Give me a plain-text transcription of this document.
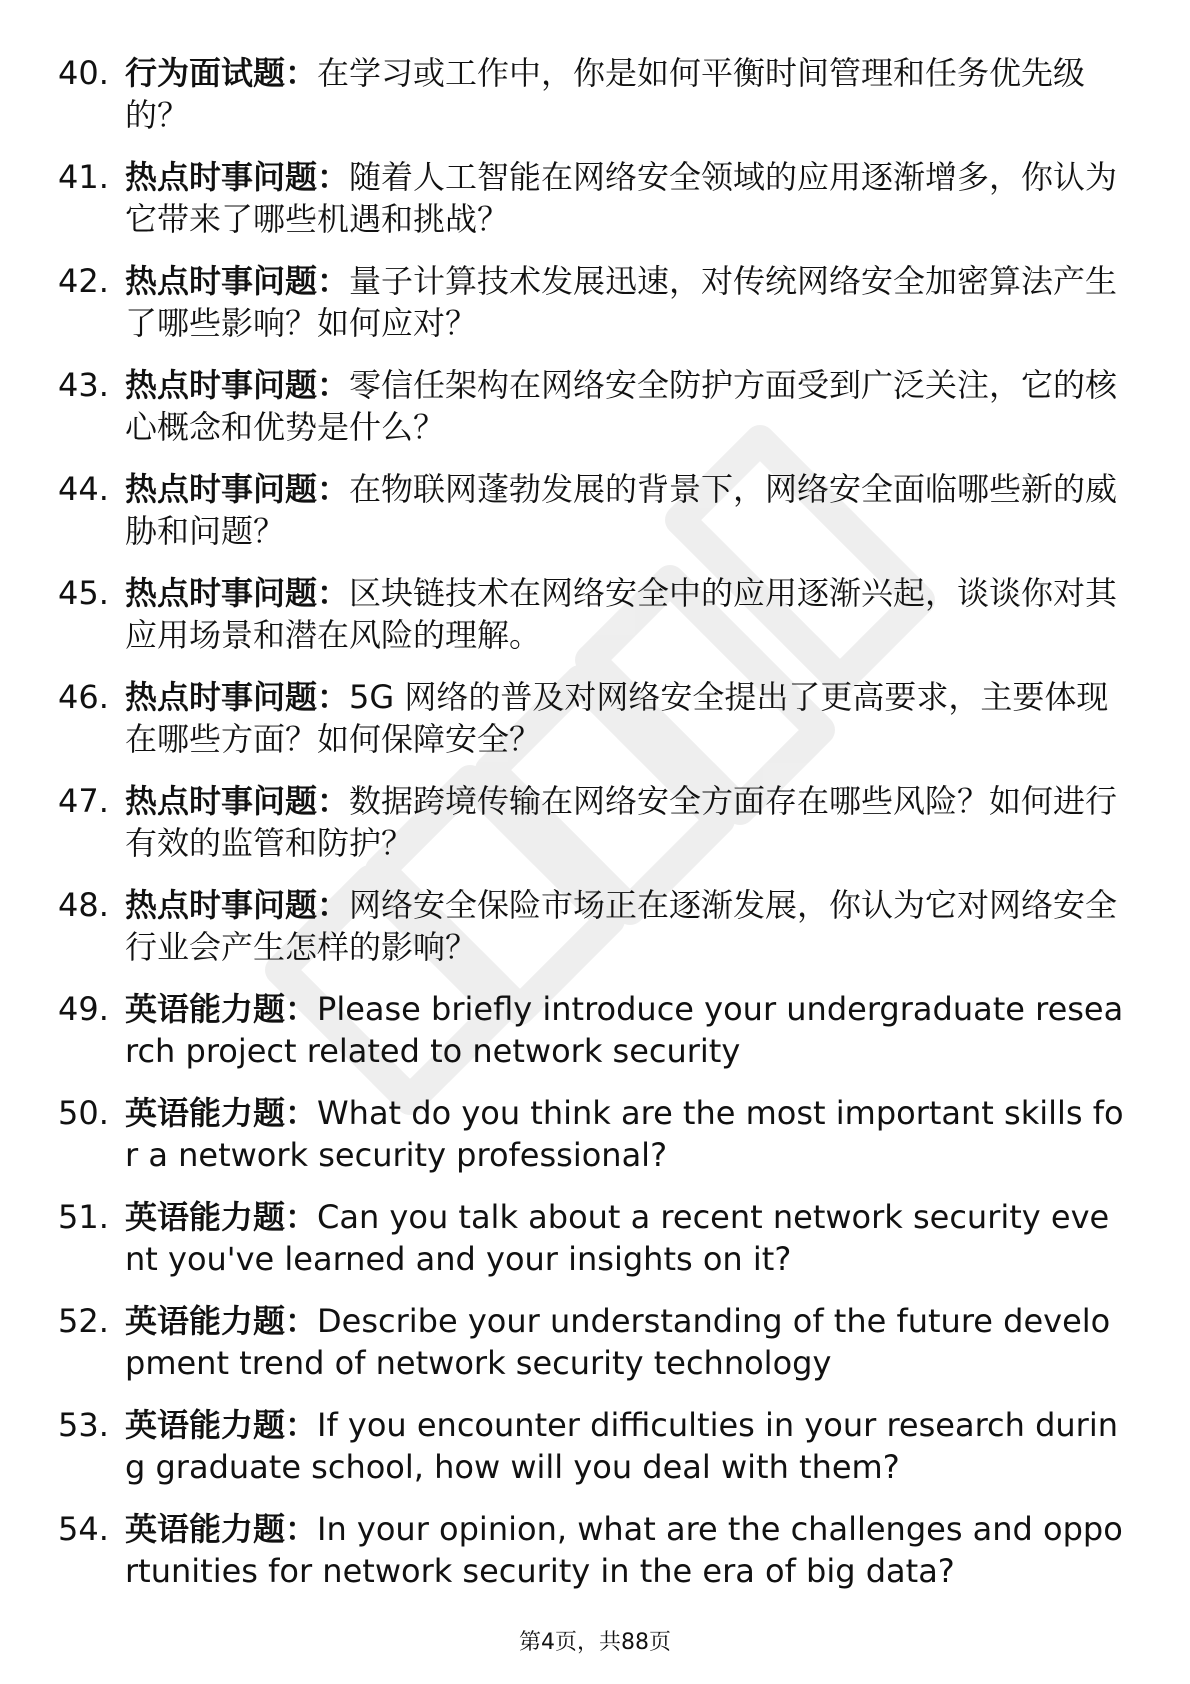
40. 行为面试题：在学习或工作中，你是如何平衡时间管理和任务优先级的？
41. 热点时事问题：随着人工智能在网络安全领域的应用逐渐增多，你认为它带来了哪些机遇和挑战？
42. 热点时事问题：量子计算技术发展迅速，对传统网络安全加密算法产生了哪些影响？如何应对？
43. 热点时事问题：零信任架构在网络安全防护方面受到广泛关注，它的核心概念和优势是什么？
44. 热点时事问题：在物联网蓬勃发展的背景下，网络安全面临哪些新的威胁和问题？
45. 热点时事问题：区块链技术在网络安全中的应用逐渐兴起，谈谈你对其应用场景和潜在风险的理解。
46. 热点时事问题：5G 网络的普及对网络安全提出了更高要求，主要体现在哪些方面？如何保障安全？
47. 热点时事问题：数据跨境传输在网络安全方面存在哪些风险？如何进行有效的监管和防护？
48. 热点时事问题：网络安全保险市场正在逐渐发展，你认为它对网络安全行业会产生怎样的影响？
49. 英语能力题：Please briefly introduce your undergraduate research project related to network security
50. 英语能力题：What do you think are the most important skills for a network security professional?
51. 英语能力题：Can you talk about a recent network security event you've learned and your insights on it?
52. 英语能力题：Describe your understanding of the future development trend of network security technology
53. 英语能力题：If you encounter difficulties in your research during graduate school, how will you deal with them?
54. 英语能力题：In your opinion, what are the challenges and opportunities for network security in the era of big data?
第4页，共88页
